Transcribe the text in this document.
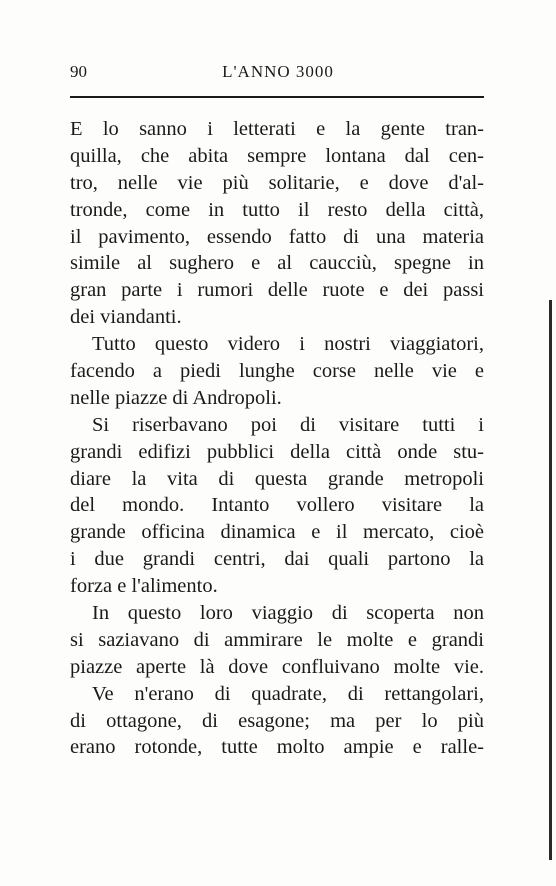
90	L'ANNO 3000
E lo sanno i letterati e la gente tran-
quilla, che abita sempre lontana dal cen-
tro, nelle vie più solitarie, e dove d'al-
tronde, come in tutto il resto della città,
il pavimento, essendo fatto di una materia
simile al sughero e al caucciù, spegne in
gran parte i rumori delle ruote e dei passi
dei viandanti.
Tutto questo videro i nostri viaggiatori,
facendo a piedi lunghe corse nelle vie e
nelle piazze di Andropoli.
Si riserbavano poi di visitare tutti i
grandi edifizi pubblici della città onde stu-
diare la vita di questa grande metropoli
del mondo. Intanto vollero visitare la
grande officina dinamica e il mercato, cioè
i due grandi centri, dai quali partono la
forza e l'alimento.
In questo loro viaggio di scoperta non
si saziavano di ammirare le molte e grandi
piazze aperte là dove confluivano molte vie.
Ve n'erano di quadrate, di rettangolari,
di ottagone, di esagone; ma per lo più
erano rotonde, tutte molto ampie e ralle-
